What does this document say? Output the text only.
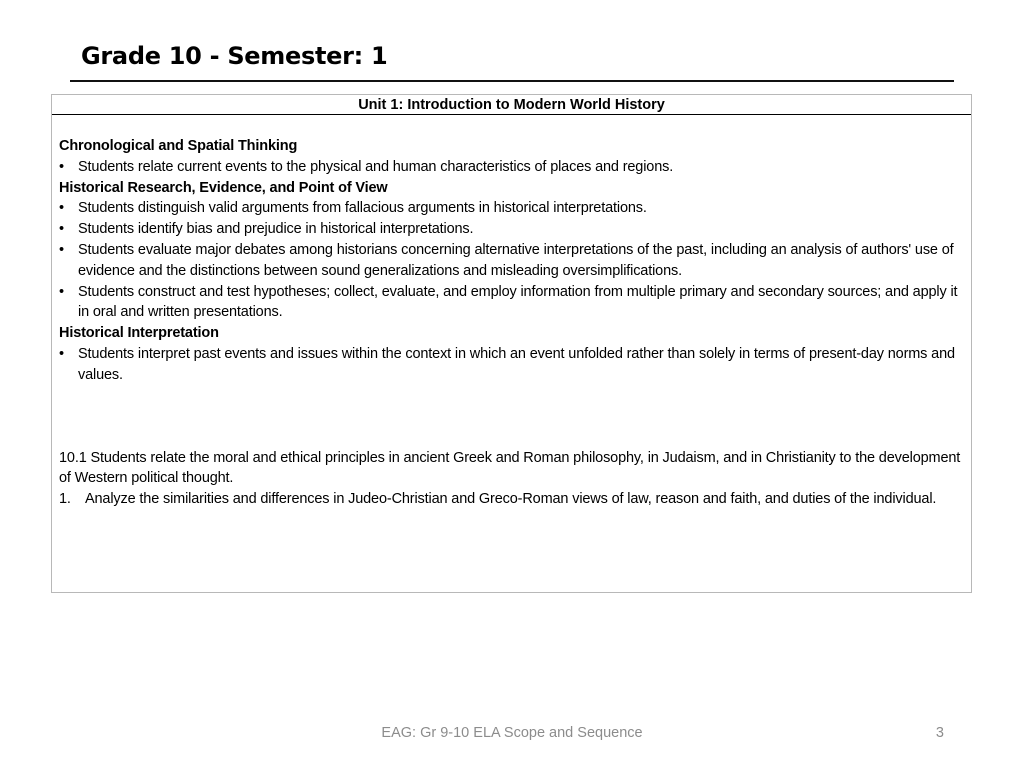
Grade 10 - Semester: 1
Unit 1: Introduction to Modern World History

Chronological and Spatial Thinking

• Students relate current events to the physical and human characteristics of places and regions.

Historical Research, Evidence, and Point of View

• Students distinguish valid arguments from fallacious arguments in historical interpretations.
• Students identify bias and prejudice in historical interpretations.
• Students evaluate major debates among historians concerning alternative interpretations of the past, including an analysis of authors' use of evidence and the distinctions between sound generalizations and misleading oversimplifications.
• Students construct and test hypotheses; collect, evaluate, and employ information from multiple primary and secondary sources; and apply it in oral and written presentations.

Historical Interpretation

• Students interpret past events and issues within the context in which an event unfolded rather than solely in terms of present-day norms and values.

10.1 Students relate the moral and ethical principles in ancient Greek and Roman philosophy, in Judaism, and in Christianity to the development of Western political thought.

1. Analyze the similarities and differences in Judeo-Christian and Greco-Roman views of law, reason and faith, and duties of the individual.
EAG: Gr 9-10 ELA Scope and Sequence	3
